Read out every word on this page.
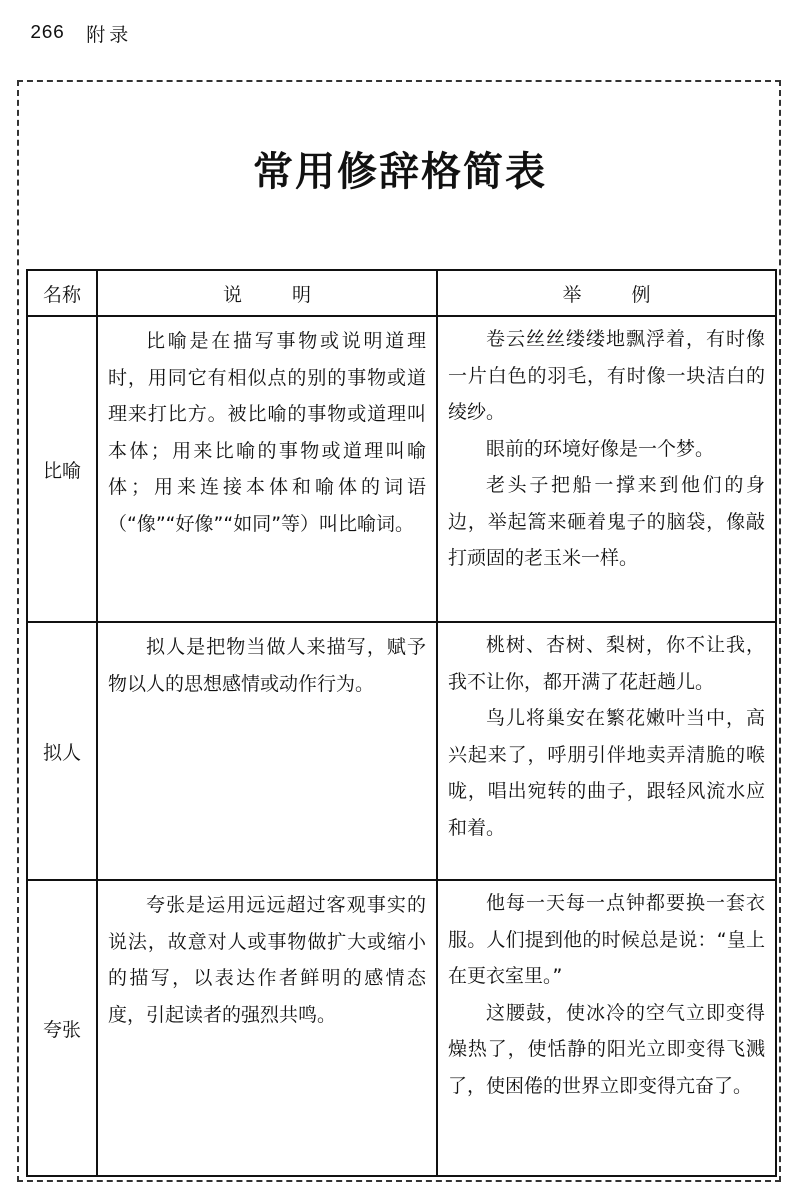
266 附录
常用修辞格简表
名称	说明	举例
比喻	比喻是在描写事物或说明道理时，用同它有相似点的别的事物或道理来打比方。被比喻的事物或道理叫本体；用来比喻的事物或道理叫喻体；用来连接本体和喻体的词语（“像”“好像”“如同”等）叫比喻词。	卷云丝丝缕缕地飘浮着，有时像一片白色的羽毛，有时像一块洁白的绫纱。

眼前的环境好像是一个梦。

老头子把船一撑来到他们的身边，举起篙来砸着鬼子的脑袋，像敲打顽固的老玉米一样。

拟人	拟人是把物当做人来描写，赋予物以人的思想感情或动作行为。	桃树、杏树、梨树，你不让我，我不让你，都开满了花赶趟儿。

鸟儿将巢安在繁花嫩叶当中，高兴起来了，呼朋引伴地卖弄清脆的喉咙，唱出宛转的曲子，跟轻风流水应和着。

夸张	夸张是运用远远超过客观事实的说法，故意对人或事物做扩大或缩小的描写，以表达作者鲜明的感情态度，引起读者的强烈共鸣。	他每一天每一点钟都要换一套衣服。人们提到他的时候总是说：“皇上在更衣室里。”

这腰鼓，使冰冷的空气立即变得燥热了，使恬静的阳光立即变得飞溅了，使困倦的世界立即变得亢奋了。
